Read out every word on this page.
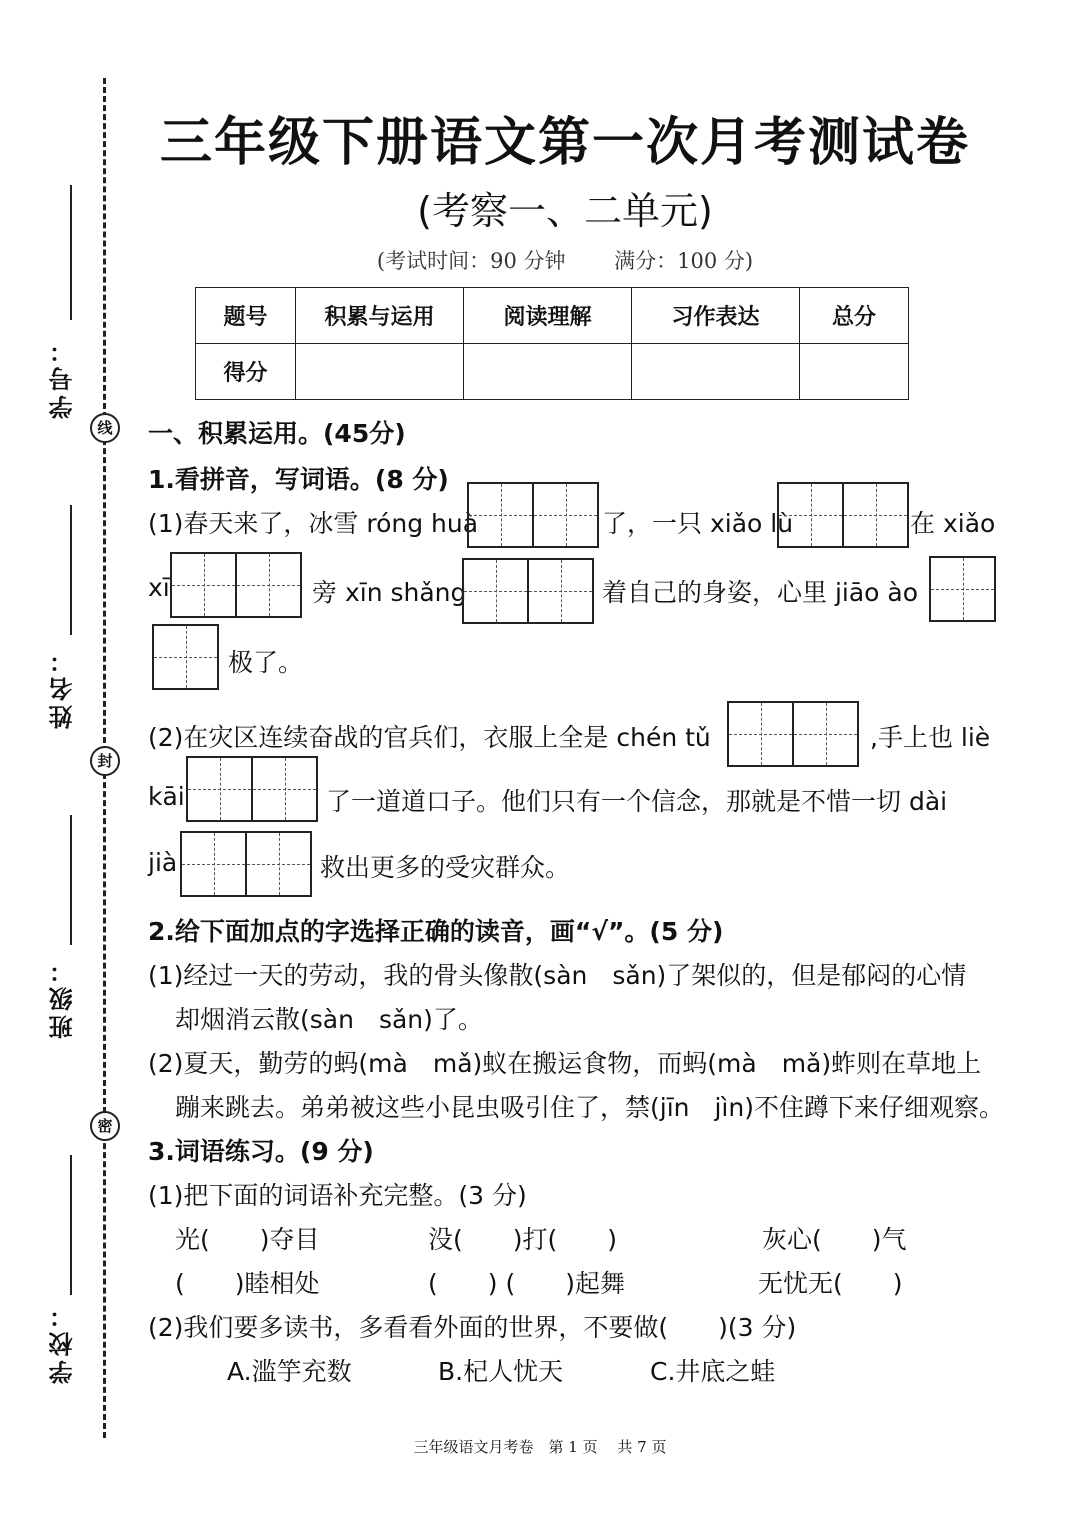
学号：
线
姓名：
封
班级：
密
学校：
三年级下册语文第一次月考测试卷
(考察一、二单元)
(考试时间：90 分钟　　 满分：100 分)
题号	积累与运用	阅读理解	习作表达	总分
得分				
一、积累运用。(45分)
1.看拼音，写词语。(8 分)
(1)春天来了，冰雪 róng huà	了，一只 xiǎo lù	在 xiǎo
xī	旁 xīn shǎng	着自己的身姿，心里 jiāo ào
极了。
(2)在灾区连续奋战的官兵们，衣服上全是 chén tǔ	,手上也 liè
kāi	了一道道口子。他们只有一个信念，那就是不惜一切 dài
jià	救出更多的受灾群众。
2.给下面加点的字选择正确的读音，画“√”。(5 分)
(1)经过一天的劳动，我的骨头像散(sàn　sǎn)了架似的，但是郁闷的心情
却烟消云散(sàn　sǎn)了。
(2)夏天，勤劳的蚂(mà　mǎ)蚁在搬运食物，而蚂(mà　mǎ)蚱则在草地上
蹦来跳去。弟弟被这些小昆虫吸引住了，禁(jīn　jìn)不住蹲下来仔细观察。
3.词语练习。(9 分)
(1)把下面的词语补充完整。(3 分)
光(　　)夺目	没(　　)打(　　)	灰心(　　)气
(　　)睦相处	(　　) (　　)起舞	无忧无(　　)
(2)我们要多读书，多看看外面的世界，不要做(　　)(3 分)
A.滥竽充数	B.杞人忧天	C.井底之蛙
三年级语文月考卷　第 1 页　 共 7 页
